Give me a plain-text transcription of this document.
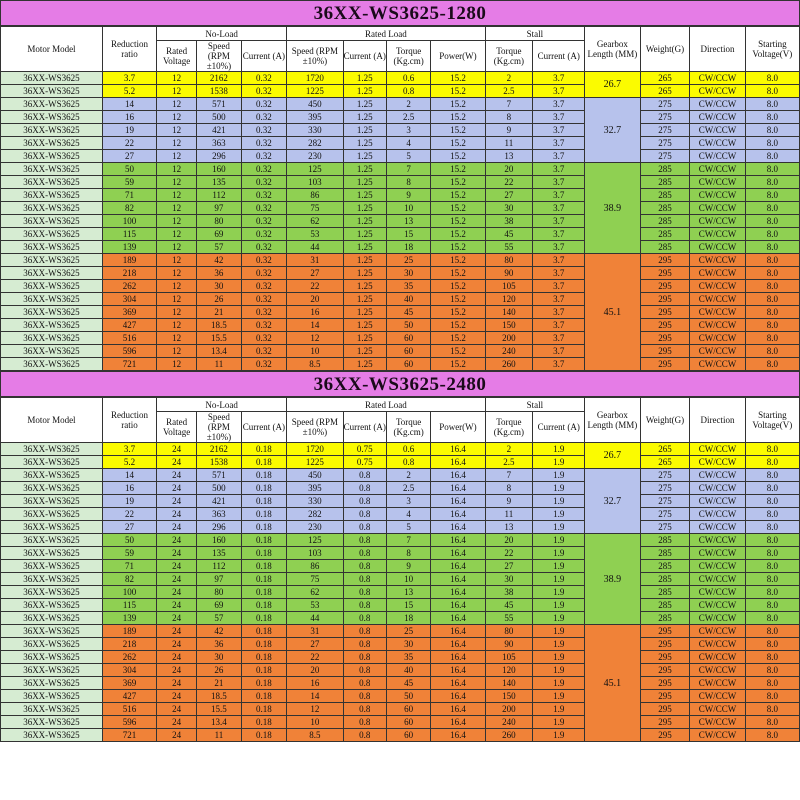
36XX-WS3625-1280
Motor Model	Reduction ratio	No-Load			Rated Load				Stall		Gearbox Length (MM)	Weight(G)	Direction	Starting Voltage(V)
		Rated Voltage	Speed (RPM ±10%)	Current (A)	Speed (RPM ±10%)	Current (A)	Torque (Kg.cm)	Power(W)	Torque (Kg.cm)	Current (A)				
36XX-WS3625	3.7	12	2162	0.32	1720	1.25	0.6	15.2	2	3.7	26.7	265	CW/CCW	8.0
36XX-WS3625	5.2	12	1538	0.32	1225	1.25	0.8	15.2	2.5	3.7		265	CW/CCW	8.0
36XX-WS3625	14	12	571	0.32	450	1.25	2	15.2	7	3.7	32.7	275	CW/CCW	8.0
36XX-WS3625	16	12	500	0.32	395	1.25	2.5	15.2	8	3.7		275	CW/CCW	8.0
36XX-WS3625	19	12	421	0.32	330	1.25	3	15.2	9	3.7		275	CW/CCW	8.0
36XX-WS3625	22	12	363	0.32	282	1.25	4	15.2	11	3.7		275	CW/CCW	8.0
36XX-WS3625	27	12	296	0.32	230	1.25	5	15.2	13	3.7		275	CW/CCW	8.0
36XX-WS3625	50	12	160	0.32	125	1.25	7	15.2	20	3.7	38.9	285	CW/CCW	8.0
36XX-WS3625	59	12	135	0.32	103	1.25	8	15.2	22	3.7		285	CW/CCW	8.0
36XX-WS3625	71	12	112	0.32	86	1.25	9	15.2	27	3.7		285	CW/CCW	8.0
36XX-WS3625	82	12	97	0.32	75	1.25	10	15.2	30	3.7		285	CW/CCW	8.0
36XX-WS3625	100	12	80	0.32	62	1.25	13	15.2	38	3.7		285	CW/CCW	8.0
36XX-WS3625	115	12	69	0.32	53	1.25	15	15.2	45	3.7		285	CW/CCW	8.0
36XX-WS3625	139	12	57	0.32	44	1.25	18	15.2	55	3.7		285	CW/CCW	8.0
36XX-WS3625	189	12	42	0.32	31	1.25	25	15.2	80	3.7	45.1	295	CW/CCW	8.0
36XX-WS3625	218	12	36	0.32	27	1.25	30	15.2	90	3.7		295	CW/CCW	8.0
36XX-WS3625	262	12	30	0.32	22	1.25	35	15.2	105	3.7		295	CW/CCW	8.0
36XX-WS3625	304	12	26	0.32	20	1.25	40	15.2	120	3.7		295	CW/CCW	8.0
36XX-WS3625	369	12	21	0.32	16	1.25	45	15.2	140	3.7		295	CW/CCW	8.0
36XX-WS3625	427	12	18.5	0.32	14	1.25	50	15.2	150	3.7		295	CW/CCW	8.0
36XX-WS3625	516	12	15.5	0.32	12	1.25	60	15.2	200	3.7		295	CW/CCW	8.0
36XX-WS3625	596	12	13.4	0.32	10	1.25	60	15.2	240	3.7		295	CW/CCW	8.0
36XX-WS3625	721	12	11	0.32	8.5	1.25	60	15.2	260	3.7		295	CW/CCW	8.0
36XX-WS3625-2480
Motor Model	Reduction ratio	No-Load			Rated Load				Stall		Gearbox Length (MM)	Weight(G)	Direction	Starting Voltage(V)
		Rated Voltage	Speed (RPM ±10%)	Current (A)	Speed (RPM ±10%)	Current (A)	Torque (Kg.cm)	Power(W)	Torque (Kg.cm)	Current (A)				
36XX-WS3625	3.7	24	2162	0.18	1720	0.75	0.6	16.4	2	1.9	26.7	265	CW/CCW	8.0
36XX-WS3625	5.2	24	1538	0.18	1225	0.75	0.8	16.4	2.5	1.9		265	CW/CCW	8.0
36XX-WS3625	14	24	571	0.18	450	0.8	2	16.4	7	1.9	32.7	275	CW/CCW	8.0
36XX-WS3625	16	24	500	0.18	395	0.8	2.5	16.4	8	1.9		275	CW/CCW	8.0
36XX-WS3625	19	24	421	0.18	330	0.8	3	16.4	9	1.9		275	CW/CCW	8.0
36XX-WS3625	22	24	363	0.18	282	0.8	4	16.4	11	1.9		275	CW/CCW	8.0
36XX-WS3625	27	24	296	0.18	230	0.8	5	16.4	13	1.9		275	CW/CCW	8.0
36XX-WS3625	50	24	160	0.18	125	0.8	7	16.4	20	1.9	38.9	285	CW/CCW	8.0
36XX-WS3625	59	24	135	0.18	103	0.8	8	16.4	22	1.9		285	CW/CCW	8.0
36XX-WS3625	71	24	112	0.18	86	0.8	9	16.4	27	1.9		285	CW/CCW	8.0
36XX-WS3625	82	24	97	0.18	75	0.8	10	16.4	30	1.9		285	CW/CCW	8.0
36XX-WS3625	100	24	80	0.18	62	0.8	13	16.4	38	1.9		285	CW/CCW	8.0
36XX-WS3625	115	24	69	0.18	53	0.8	15	16.4	45	1.9		285	CW/CCW	8.0
36XX-WS3625	139	24	57	0.18	44	0.8	18	16.4	55	1.9		285	CW/CCW	8.0
36XX-WS3625	189	24	42	0.18	31	0.8	25	16.4	80	1.9	45.1	295	CW/CCW	8.0
36XX-WS3625	218	24	36	0.18	27	0.8	30	16.4	90	1.9		295	CW/CCW	8.0
36XX-WS3625	262	24	30	0.18	22	0.8	35	16.4	105	1.9		295	CW/CCW	8.0
36XX-WS3625	304	24	26	0.18	20	0.8	40	16.4	120	1.9		295	CW/CCW	8.0
36XX-WS3625	369	24	21	0.18	16	0.8	45	16.4	140	1.9		295	CW/CCW	8.0
36XX-WS3625	427	24	18.5	0.18	14	0.8	50	16.4	150	1.9		295	CW/CCW	8.0
36XX-WS3625	516	24	15.5	0.18	12	0.8	60	16.4	200	1.9		295	CW/CCW	8.0
36XX-WS3625	596	24	13.4	0.18	10	0.8	60	16.4	240	1.9		295	CW/CCW	8.0
36XX-WS3625	721	24	11	0.18	8.5	0.8	60	16.4	260	1.9		295	CW/CCW	8.0
